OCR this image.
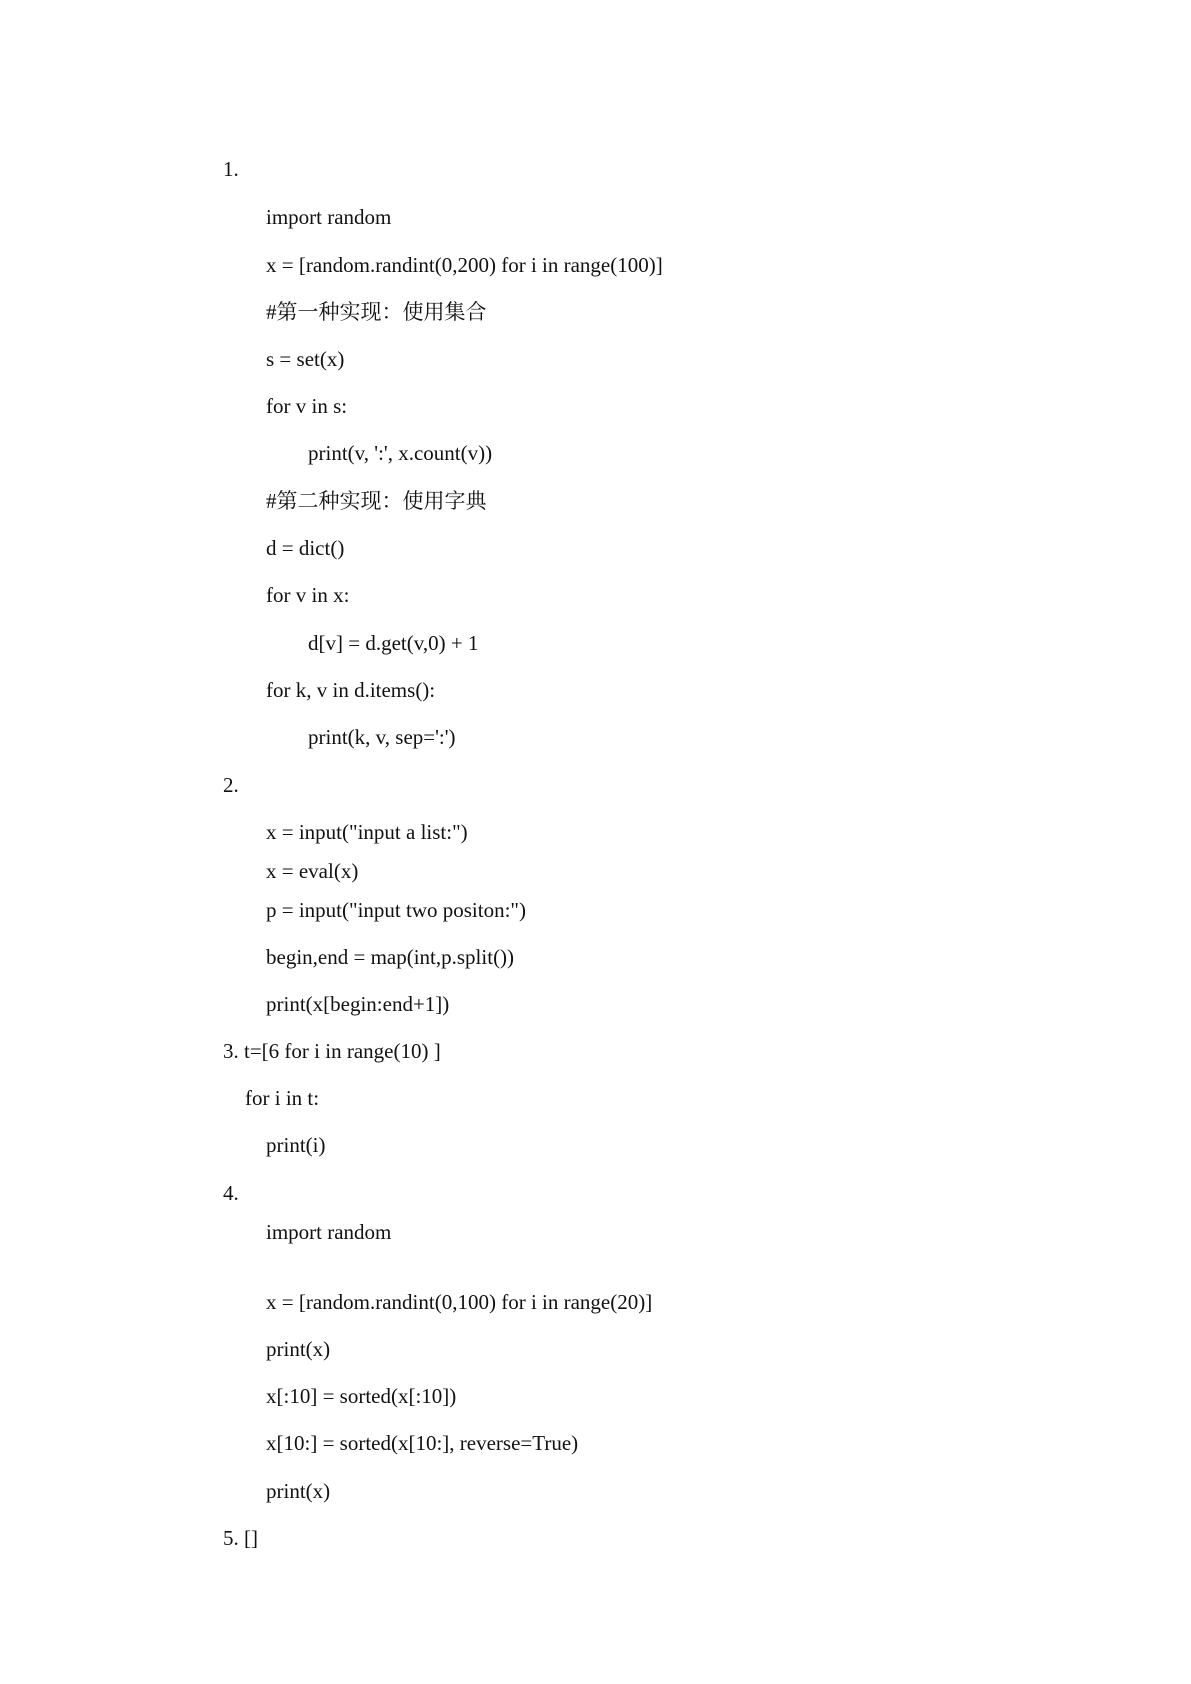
1.
import random
x = [random.randint(0,200) for i in range(100)]
#第一种实现：使用集合
s = set(x)
for v in s:
print(v, ':', x.count(v))
#第二种实现：使用字典
d = dict()
for v in x:
d[v] = d.get(v,0) + 1
for k, v in d.items():
print(k, v, sep=':')
2.
x = input("input a list:")
x = eval(x)
p = input("input two positon:")
begin,end = map(int,p.split())
print(x[begin:end+1])
3. t=[6 for i in range(10) ]
for i in t:
print(i)
4.
import random
x = [random.randint(0,100) for i in range(20)]
print(x)
x[:10] = sorted(x[:10])
x[10:] = sorted(x[10:], reverse=True)
print(x)
5. []
